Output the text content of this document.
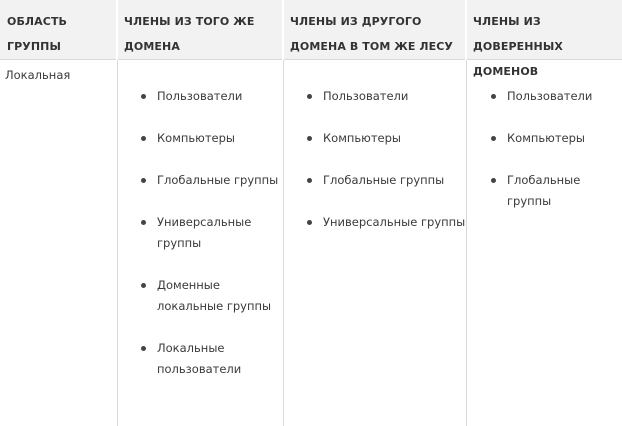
ОБЛАСТЬ ГРУППЫ
ЧЛЕНЫ ИЗ ТОГО ЖЕ ДОМЕНА
ЧЛЕНЫ ИЗ ДРУГОГО ДОМЕНА В ТОМ ЖЕ ЛЕСУ
ЧЛЕНЫ ИЗ ДОВЕРЕННЫХ ДОМЕНОВ
Локальная
Пользователи
Компьютеры
Глобальные группы
Универсальные группы
Доменные локальные группы
Локальные пользователи
Пользователи
Компьютеры
Глобальные группы
Универсальные группы
Пользователи
Компьютеры
Глобальные группы
